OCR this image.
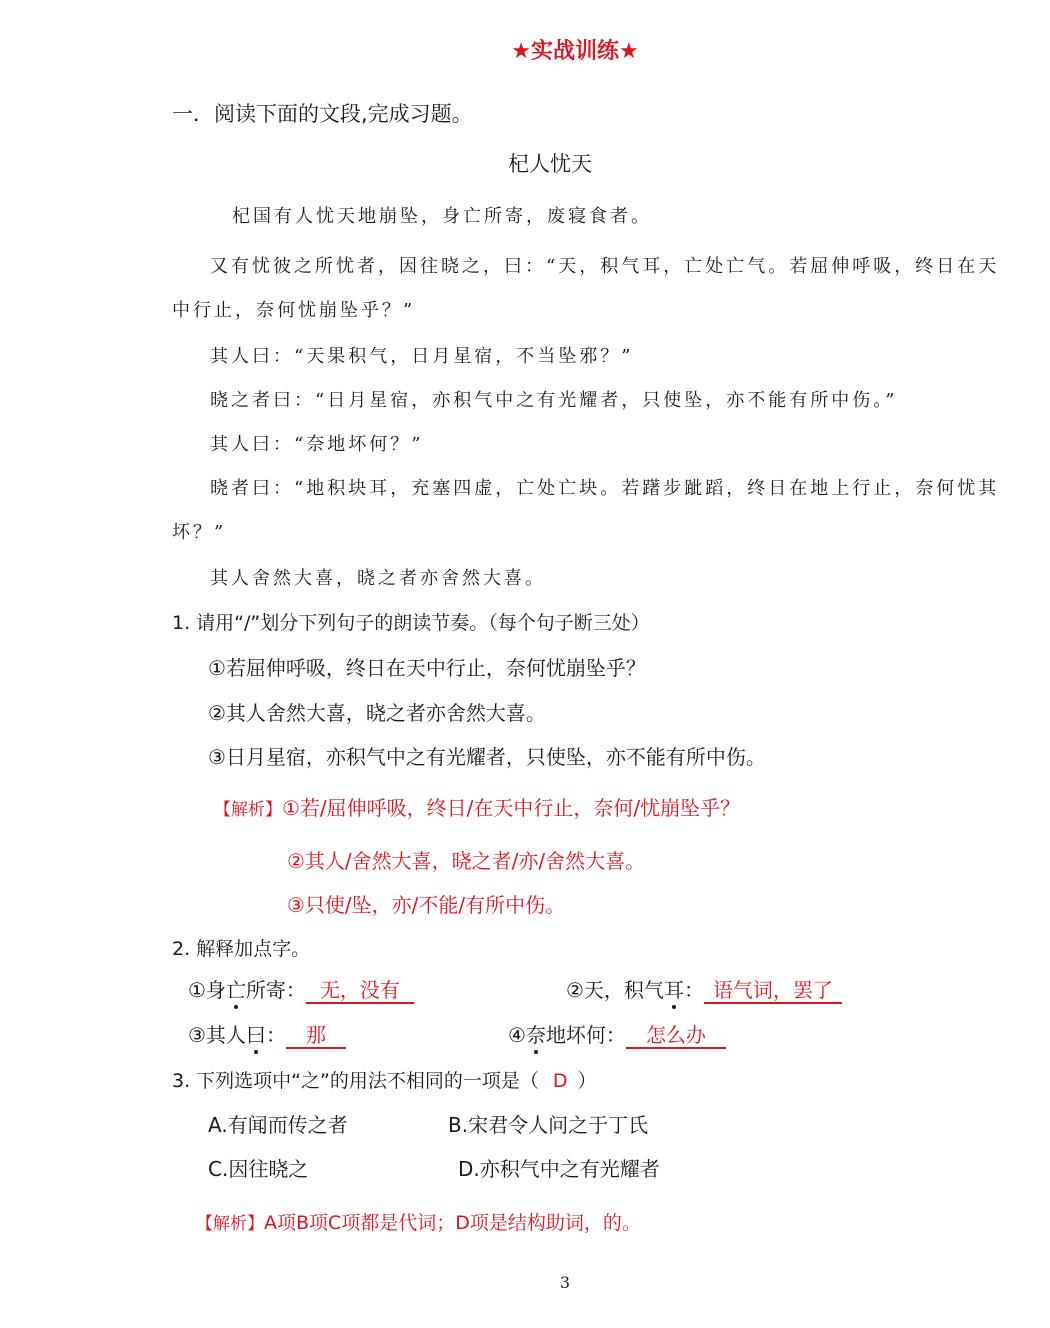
★实战训练★
一．阅读下面的文段,完成习题。
杞人忧天
杞国有人忧天地崩坠，身亡所寄，废寝食者。
又有忧彼之所忧者，因往晓之，曰：“天，积气耳，亡处亡气。若屈伸呼吸，终日在天
中行止，奈何忧崩坠乎？”
其人曰：“天果积气，日月星宿，不当坠邪？”
晓之者曰：“日月星宿，亦积气中之有光耀者，只使坠，亦不能有所中伤。”
其人曰：“奈地坏何？”
晓者曰：“地积块耳，充塞四虚，亡处亡块。若躇步跐蹈，终日在地上行止，奈何忧其
坏？”
其人舍然大喜，晓之者亦舍然大喜。
1. 请用“/”划分下列句子的朗读节奏。（每个句子断三处）
①若屈伸呼吸，终日在天中行止，奈何忧崩坠乎？
②其人舍然大喜，晓之者亦舍然大喜。
③日月星宿，亦积气中之有光耀者，只使坠，亦不能有所中伤。
【解析】①若/屈伸呼吸，终日/在天中行止，奈何/忧崩坠乎？
②其人/舍然大喜，晓之者/亦/舍然大喜。
③只使/坠，亦/不能/有所中伤。
2. 解释加点字。
①身亡所寄： 无，没有	②天，积气耳： 语气词，罢了
③其人曰： 那	④奈地坏何： 怎么办
3. 下列选项中“之”的用法不相同的一项是（ D ）
A.有闻而传之者	B.宋君令人问之于丁氏
C.因往晓之	D.亦积气中之有光耀者
【解析】A项B项C项都是代词；D项是结构助词，的。
3
